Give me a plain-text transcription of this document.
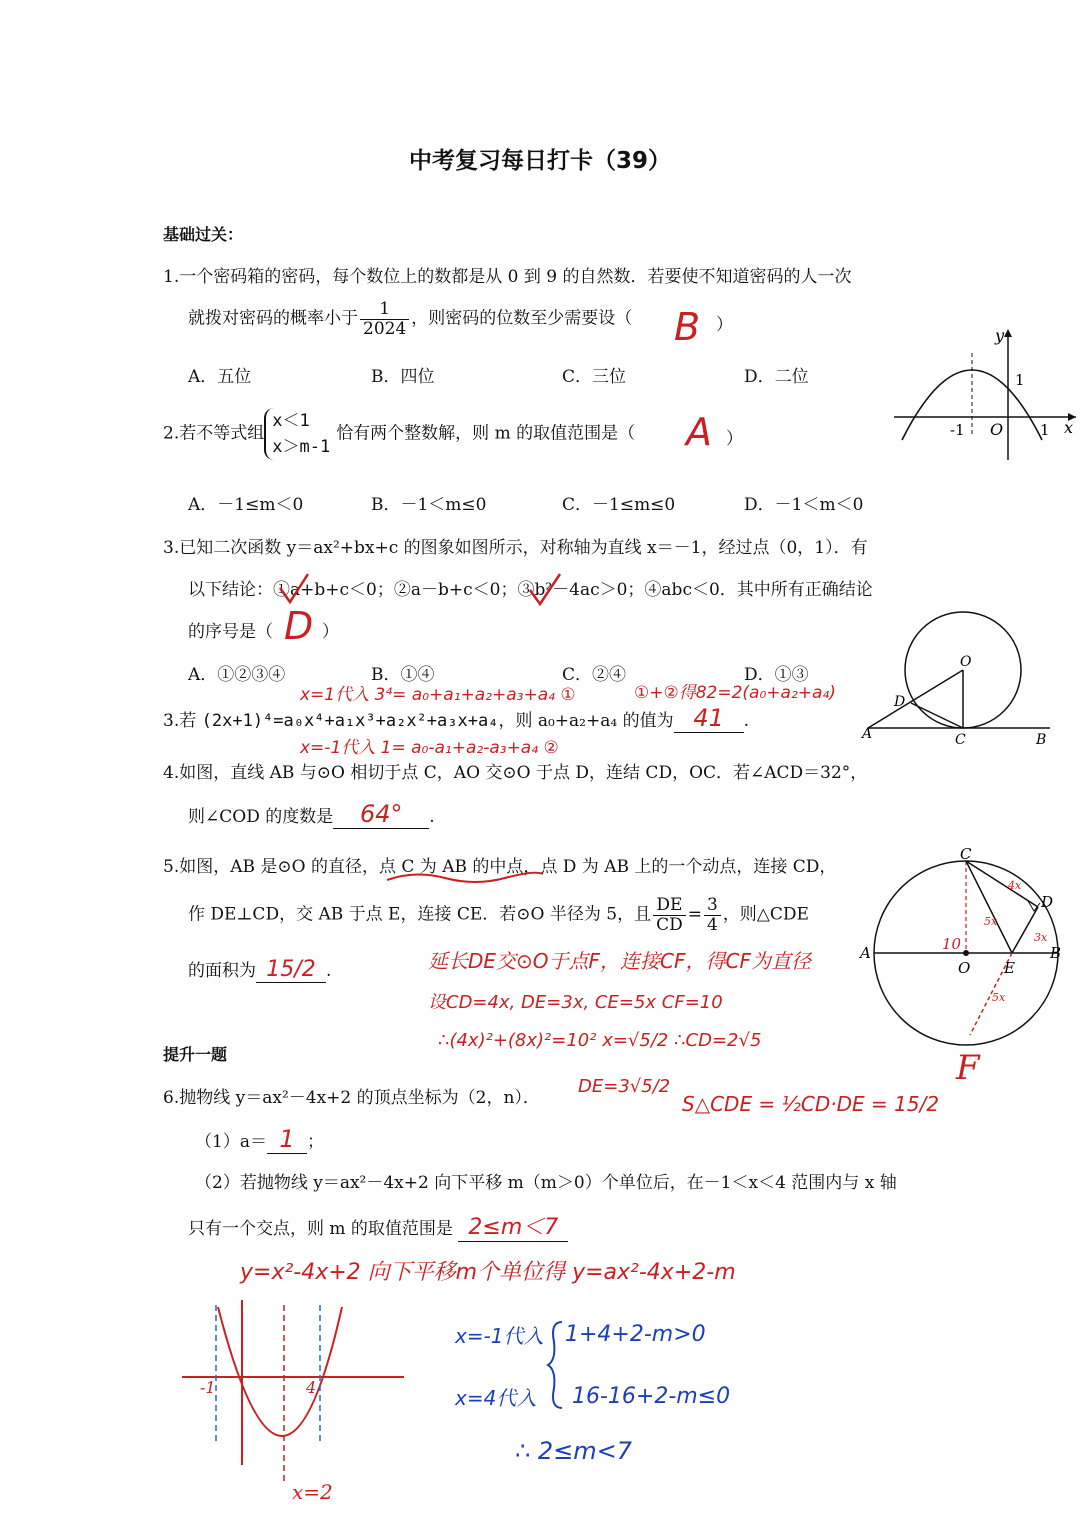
中考复习每日打卡（39）
基础过关：
1.一个密码箱的密码，每个数位上的数都是从 0 到 9 的自然数．若要使不知道密码的人一次
就拨对密码的概率小于 $\frac{1}{2024}$ ，则密码的位数至少需要设（ B ）
A．五位	B．四位	C．三位	D．二位
y
x
O
-1	1
1
2.若不等式组
x＜1
x＞m-1
恰有两个整数解，则 m 的取值范围是（ A ）
A．－1≤m＜0	B．－1＜m≤0	C．－1≤m≤0	D．－1＜m＜0
3.已知二次函数 y＝ax²+bx+c 的图象如图所示，对称轴为直线 x＝－1，经过点（0，1）．有
以下结论：①a+b+c＜0；②a－b+c＜0；③b²－4ac＞0；④abc＜0．其中所有正确结论
的序号是（ D ）
A．①②③④	B．①④	C．②④	D．①③
O
D
A	C	B
x=1代入 3⁴= a₀+a₁+a₂+a₃+a₄ ①	①+②得82=2(a₀+a₂+a₄)
3.若 (2x+1)⁴=a₀x⁴+a₁x³+a₂x²+a₃x+a₄，则 a₀+a₂+a₄ 的值为 41 .
x=-1代入 1= a₀-a₁+a₂-a₃+a₄ ②
4.如图，直线 AB 与⊙O 相切于点 C，AO 交⊙O 于点 D，连结 CD，OC．若∠ACD＝32°，
则∠COD 的度数是 64° .
5.如图，AB 是⊙O 的直径，点 C 为 AB 的中点，点 D 为 AB 上的一个动点，连接 CD，
作 DE⊥CD，交 AB 于点 E，连接 CE．若⊙O 半径为 5，且 $\frac{DE}{CD} = \frac{3}{4}$ ，则△CDE
的面积为 15/2 .	延长DE交⊙O于点F，连接CF，得CF为直径
设CD=4x, DE=3x, CE=5x CF=10
∴(4x)²+(8x)²=10² x=√5/2 ∴CD=2√5
DE=3√5/2
S△CDE = ½CD·DE = 15/2
C
D
A	B
O E
4x
3x
5x
5x
10
F
提升一题
6.抛物线 y＝ax²－4x+2 的顶点坐标为（2，n）．
（1）a＝ 1 ；
（2）若抛物线 y＝ax²－4x+2 向下平移 m（m＞0）个单位后，在－1＜x＜4 范围内与 x 轴
只有一个交点，则 m 的取值范围是 2≤m＜7
y=x²-4x+2 向下平移m个单位得 y=ax²-4x+2-m
-1	4
x=2
x=-1代入 1+4+2-m>0
x=4代入 16-16+2-m≤0
∴ 2≤m<7
